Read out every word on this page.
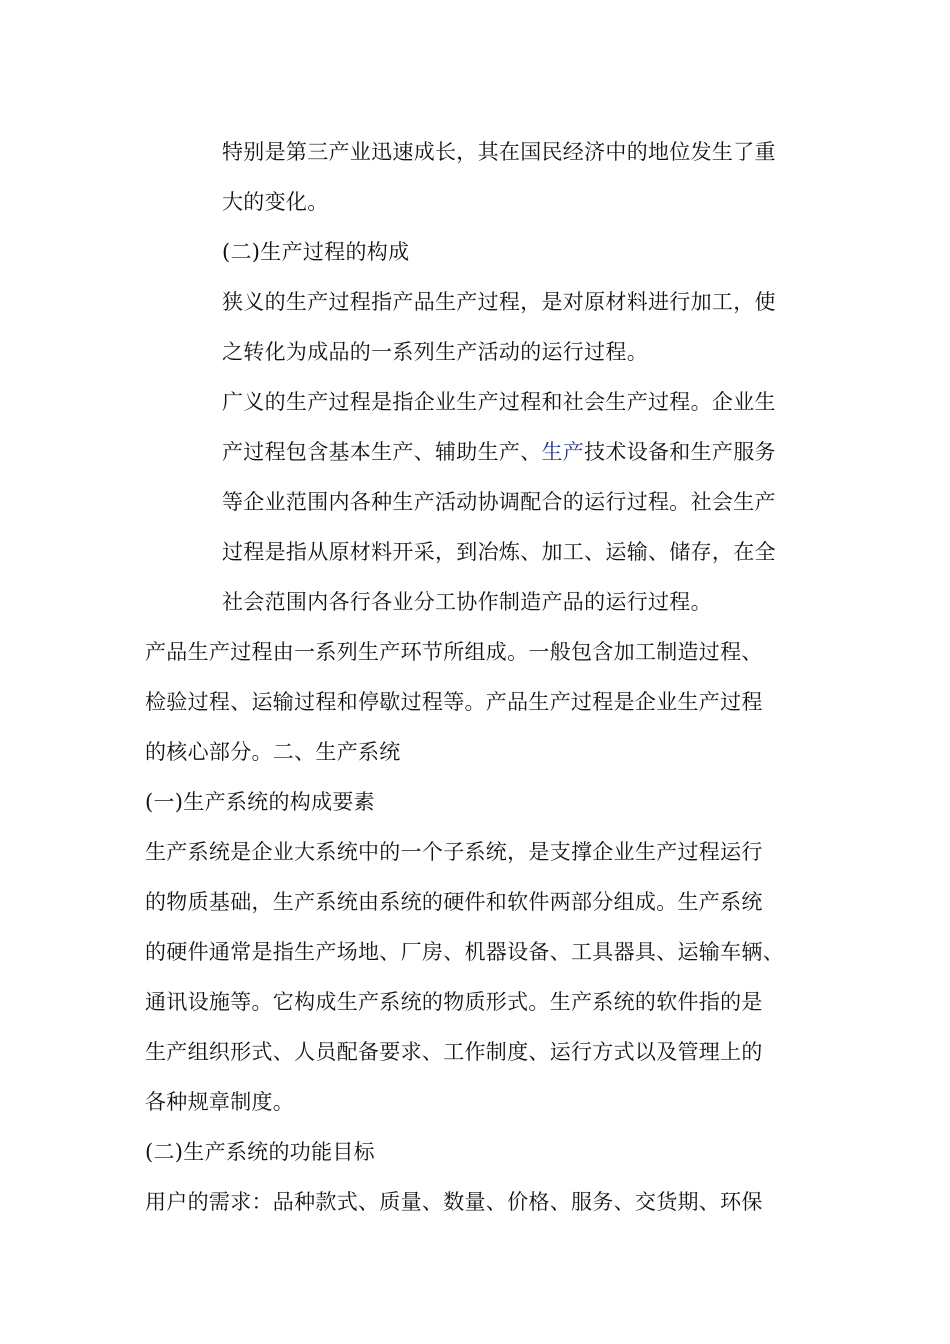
特别是第三产业迅速成长，其在国民经济中的地位发生了重
大的变化。
(二)生产过程的构成
狭义的生产过程指产品生产过程，是对原材料进行加工，使
之转化为成品的一系列生产活动的运行过程。
广义的生产过程是指企业生产过程和社会生产过程。企业生
产过程包含基本生产、辅助生产、生产技术设备和生产服务
等企业范围内各种生产活动协调配合的运行过程。社会生产
过程是指从原材料开采，到冶炼、加工、运输、储存，在全
社会范围内各行各业分工协作制造产品的运行过程。
产品生产过程由一系列生产环节所组成。一般包含加工制造过程、
检验过程、运输过程和停歇过程等。产品生产过程是企业生产过程
的核心部分。二、生产系统
(一)生产系统的构成要素
生产系统是企业大系统中的一个子系统，是支撑企业生产过程运行
的物质基础，生产系统由系统的硬件和软件两部分组成。生产系统
的硬件通常是指生产场地、厂房、机器设备、工具器具、运输车辆、
通讯设施等。它构成生产系统的物质形式。生产系统的软件指的是
生产组织形式、人员配备要求、工作制度、运行方式以及管理上的
各种规章制度。
(二)生产系统的功能目标
用户的需求：品种款式、质量、数量、价格、服务、交货期、环保
